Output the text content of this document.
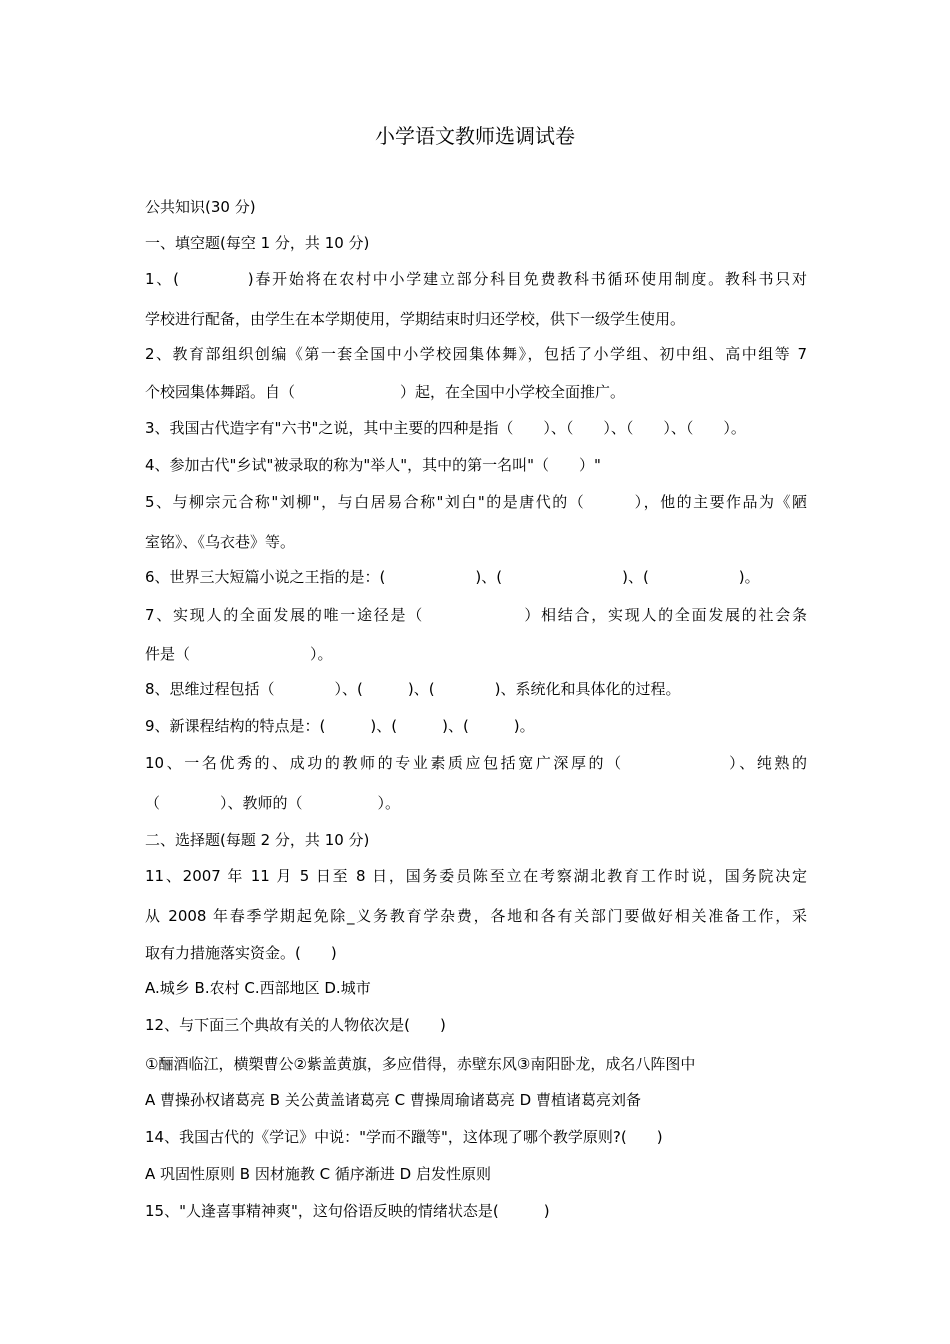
小学语文教师选调试卷
公共知识(30 分)
一、填空题(每空 1 分，共 10 分)
1、(　　　　)春开始将在农村中小学建立部分科目免费教科书循环使用制度。教科书只对
学校进行配备，由学生在本学期使用，学期结束时归还学校，供下一级学生使用。
2、教育部组织创编《第一套全国中小学校园集体舞》，包括了小学组、初中组、高中组等 7
个校园集体舞蹈。自（　　　　　　　）起，在全国中小学校全面推广。
3、我国古代造字有"六书"之说，其中主要的四种是指（　　）、（　　）、（　　）、（　　）。
4、参加古代"乡试"被录取的称为"举人"，其中的第一名叫"（　　）"
5、与柳宗元合称"刘柳"，与白居易合称"刘白"的是唐代的（　　　），他的主要作品为《陋
室铭》、《乌衣巷》等。
6、世界三大短篇小说之王指的是：(　　　　　　)、(　　　　　　　　)、(　　　　　　)。
7、实现人的全面发展的唯一途径是（　　　　　　）相结合，实现人的全面发展的社会条
件是（　　　　　　　　）。
8、思维过程包括（　　　　）、(　　　)、(　　　　)、系统化和具体化的过程。
9、新课程结构的特点是：(　　　)、(　　　)、(　　　)。
10、一名优秀的、成功的教师的专业素质应包括宽广深厚的（　　　　　　）、纯熟的
（　　　　）、教师的（　　　　　）。
二、选择题(每题 2 分，共 10 分)
11、2007 年 11 月 5 日至 8 日，国务委员陈至立在考察湖北教育工作时说，国务院决定
从 2008 年春季学期起免除_义务教育学杂费，各地和各有关部门要做好相关准备工作，采
取有力措施落实资金。(　　)
A.城乡 B.农村 C.西部地区 D.城市
12、与下面三个典故有关的人物依次是(　　)
①酾酒临江，横槊曹公②紫盖黄旗，多应借得，赤壁东风③南阳卧龙，成名八阵图中
A 曹操孙权诸葛亮 B 关公黄盖诸葛亮 C 曹操周瑜诸葛亮 D 曹植诸葛亮刘备
14、我国古代的《学记》中说："学而不躐等"，这体现了哪个教学原则?(　　)
A 巩固性原则 B 因材施教 C 循序渐进 D 启发性原则
15、"人逢喜事精神爽"，这句俗语反映的情绪状态是(　　　)
